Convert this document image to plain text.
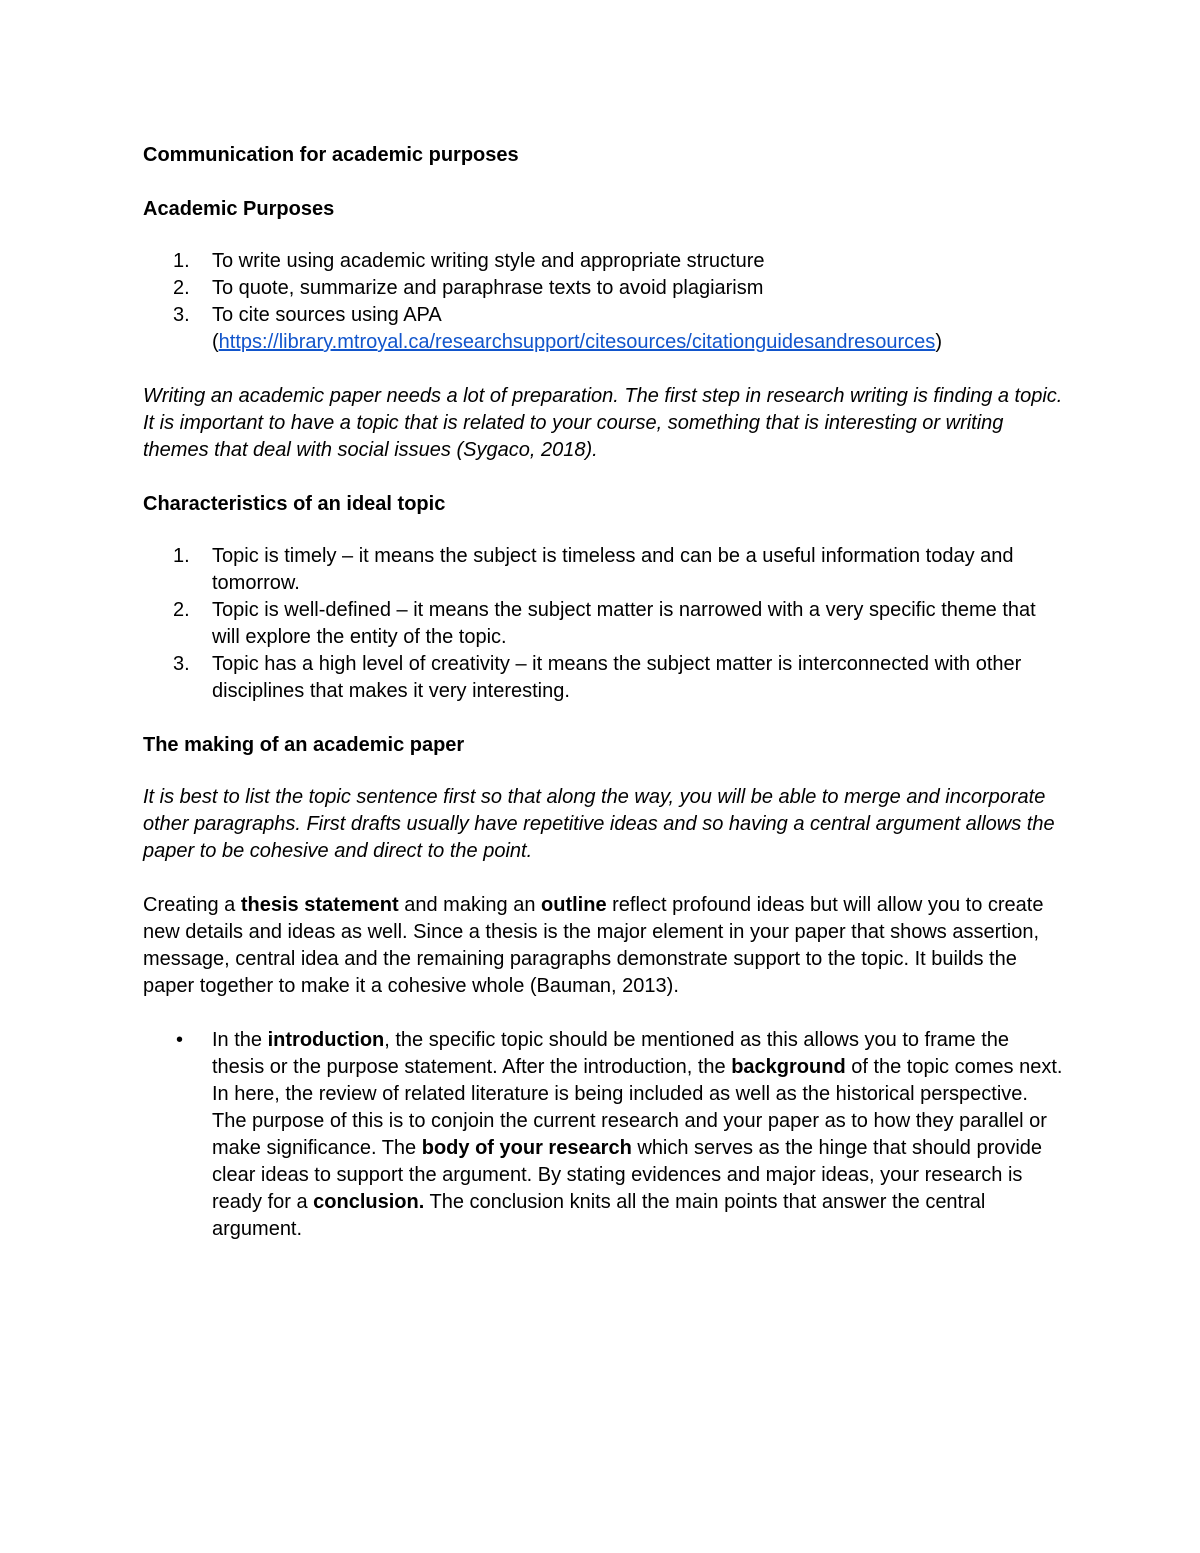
Communication for academic purposes
Academic Purposes
1. To write using academic writing style and appropriate structure
2. To quote, summarize and paraphrase texts to avoid plagiarism
3. To cite sources using APA
(https://library.mtroyal.ca/researchsupport/citesources/citationguidesandresources)

Writing an academic paper needs a lot of preparation. The first step in research writing is finding a topic. It is important to have a topic that is related to your course, something that is interesting or writing themes that deal with social issues (Sygaco, 2018).

Characteristics of an ideal topic
1. Topic is timely – it means the subject is timeless and can be a useful information today and tomorrow.
2. Topic is well-defined – it means the subject matter is narrowed with a very specific theme that will explore the entity of the topic.
3. Topic has a high level of creativity – it means the subject matter is interconnected with other disciplines that makes it very interesting.
The making of an academic paper

It is best to list the topic sentence first so that along the way, you will be able to merge and incorporate other paragraphs. First drafts usually have repetitive ideas and so having a central argument allows the paper to be cohesive and direct to the point.

Creating a thesis statement and making an outline reflect profound ideas but will allow you to create new details and ideas as well. Since a thesis is the major element in your paper that shows assertion, message, central idea and the remaining paragraphs demonstrate support to the topic. It builds the paper together to make it a cohesive whole (Bauman, 2013).

• In the introduction, the specific topic should be mentioned as this allows you to frame the thesis or the purpose statement. After the introduction, the background of the topic comes next. In here, the review of related literature is being included as well as the historical perspective. The purpose of this is to conjoin the current research and your paper as to how they parallel or make significance. The body of your research which serves as the hinge that should provide clear ideas to support the argument. By stating evidences and major ideas, your research is ready for a conclusion. The conclusion knits all the main points that answer the central argument.
